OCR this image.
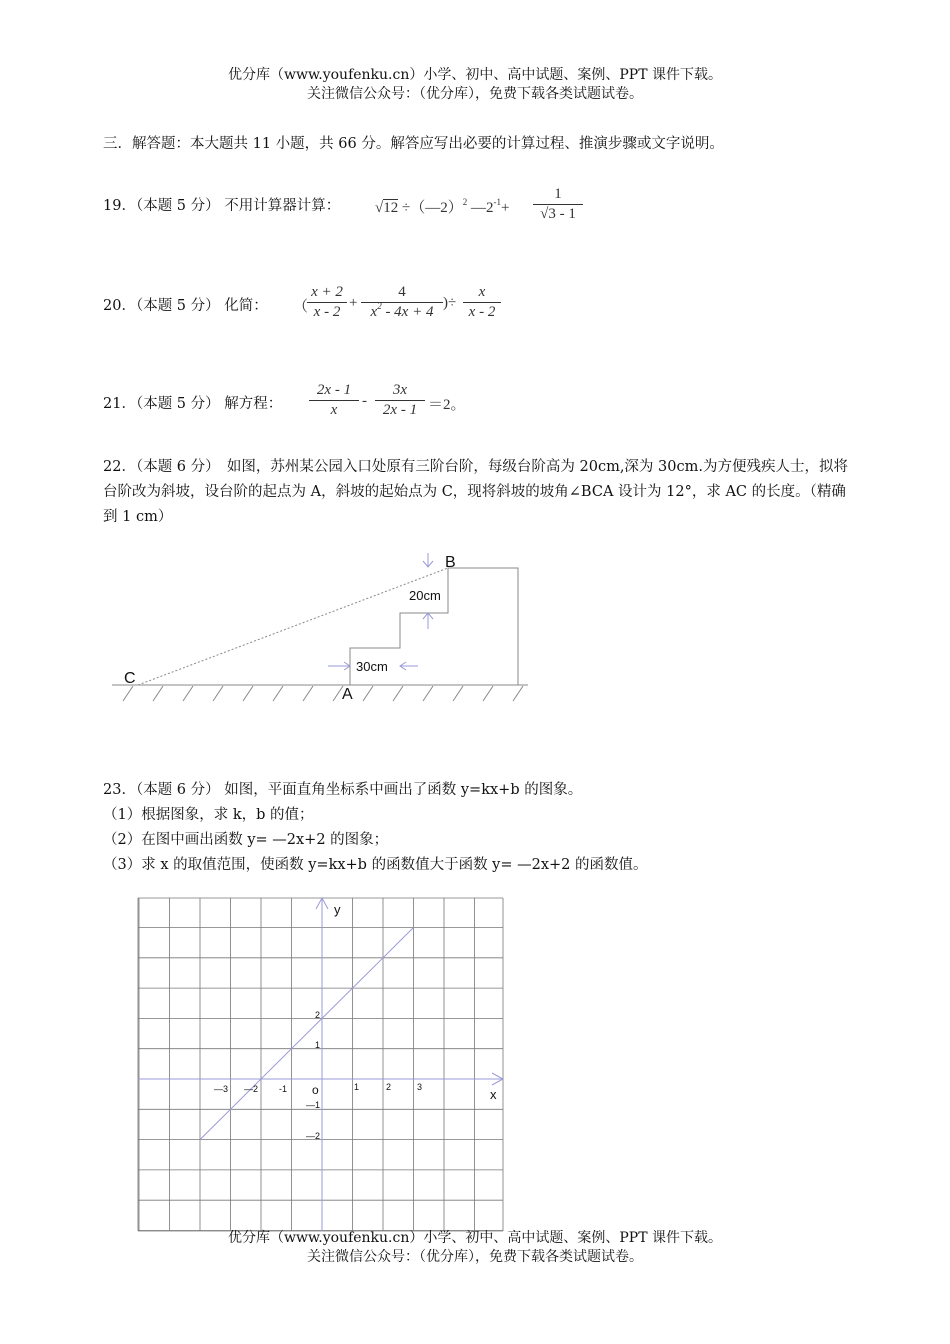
优分库（www.youfenku.cn）小学、初中、高中试题、案例、PPT 课件下载。
关注微信公众号：（优分库），免费下载各类试题试卷。
三．解答题：本大题共 11 小题，共 66 分。解答应写出必要的计算过程、推演步骤或文字说明。
19．（本题 5 分） 不用计算器计算： √12 ÷（—2）$^2$ $—2^{-1}+$
1
√3 - 1
20．（本题 5 分） 化简： （
x + 2
x - 2
+
4
$x^2 - 4x + 4$
)÷
x
x - 2
21．（本题 5 分） 解方程：
2x - 1
x
-
3x
2x - 1 ＝2。
22．（本题 6 分）　如图，苏州某公园入口处原有三阶台阶，每级台阶高为 20cm,深为 30cm.为方便残疾人士，拟将台阶改为斜坡，设台阶的起点为 A，斜坡的起始点为 C，现将斜坡的坡角∠BCA 设计为 12°，求 AC 的长度。（精确到 1 cm）
B
C
A
20cm
30cm
23．（本题 6 分） 如图，平面直角坐标系中画出了函数 y=kx+b 的图象。
（1）根据图象，求 k，b 的值；
（2）在图中画出函数 y= —2x+2 的图象；
（3）求 x 的取值范围，使函数 y=kx+b 的函数值大于函数 y= —2x+2 的函数值。
y
x
o
—3 —2 -1	1	2	3
2
1
—1
—2
优分库（www.youfenku.cn）小学、初中、高中试题、案例、PPT 课件下载。
关注微信公众号：（优分库），免费下载各类试题试卷。
